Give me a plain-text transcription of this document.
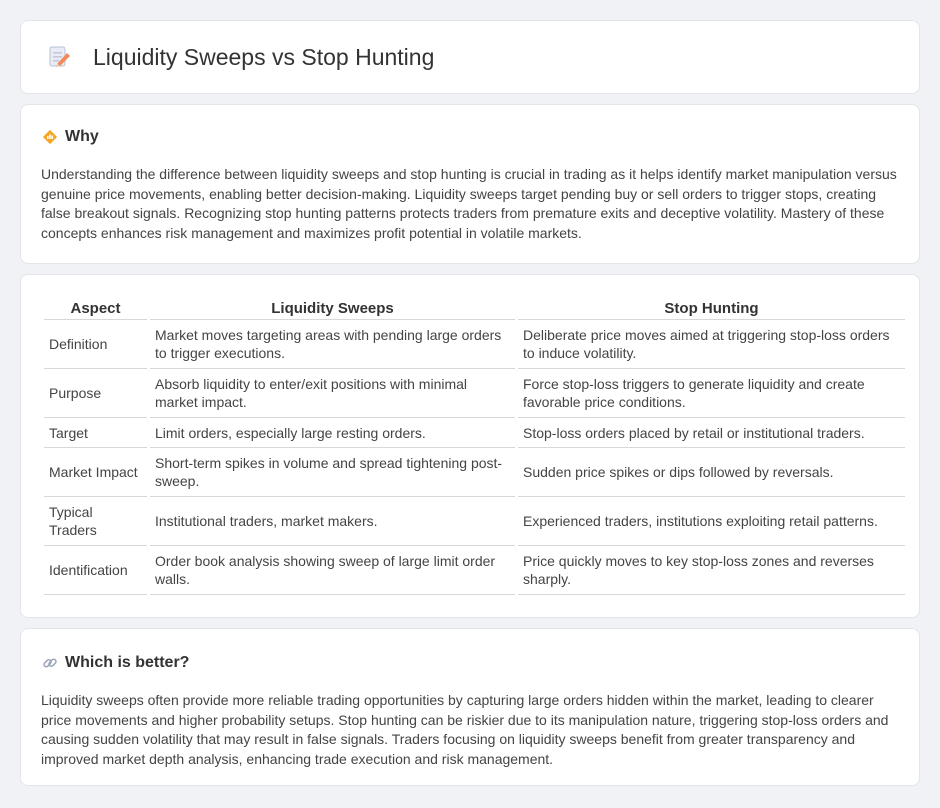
Liquidity Sweeps vs Stop Hunting
Why

Understanding the difference between liquidity sweeps and stop hunting is crucial in trading as it helps identify market manipulation versus genuine price movements, enabling better decision-making. Liquidity sweeps target pending buy or sell orders to trigger stops, creating false breakout signals. Recognizing stop hunting patterns protects traders from premature exits and deceptive volatility. Mastery of these concepts enhances risk management and maximizes profit potential in volatile markets.

Aspect	Liquidity Sweeps	Stop Hunting
Definition	Market moves targeting areas with pending large orders to trigger executions.	Deliberate price moves aimed at triggering stop-loss orders to induce volatility.
Purpose	Absorb liquidity to enter/exit positions with minimal market impact.	Force stop-loss triggers to generate liquidity and create favorable price conditions.
Target	Limit orders, especially large resting orders.	Stop-loss orders placed by retail or institutional traders.
Market Impact	Short-term spikes in volume and spread tightening post-sweep.	Sudden price spikes or dips followed by reversals.
Typical Traders	Institutional traders, market makers.	Experienced traders, institutions exploiting retail patterns.
Identification	Order book analysis showing sweep of large limit order walls.	Price quickly moves to key stop-loss zones and reverses sharply.
Which is better?

Liquidity sweeps often provide more reliable trading opportunities by capturing large orders hidden within the market, leading to clearer price movements and higher probability setups. Stop hunting can be riskier due to its manipulation nature, triggering stop-loss orders and causing sudden volatility that may result in false signals. Traders focusing on liquidity sweeps benefit from greater transparency and improved market depth analysis, enhancing trade execution and risk management.
